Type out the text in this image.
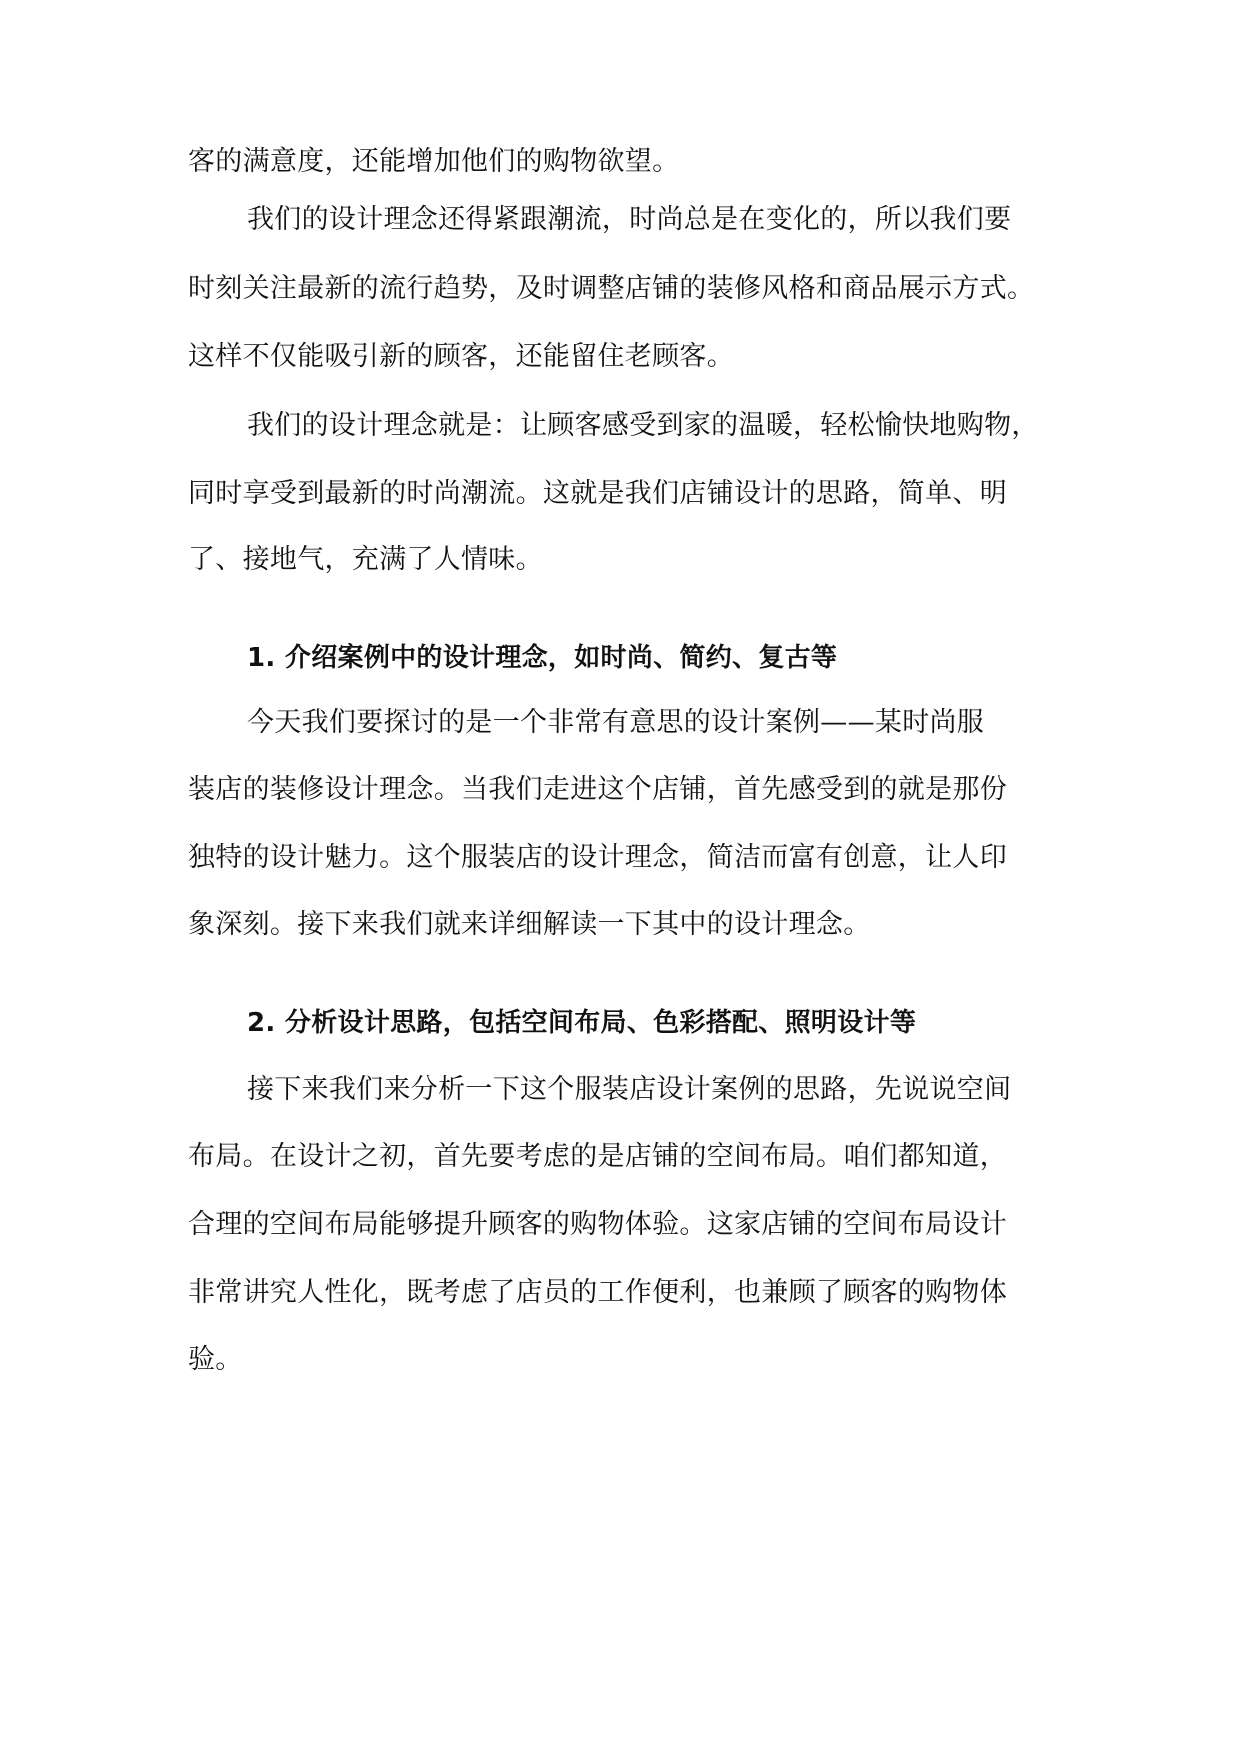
客的满意度，还能增加他们的购物欲望。
我们的设计理念还得紧跟潮流，时尚总是在变化的，所以我们要
时刻关注最新的流行趋势，及时调整店铺的装修风格和商品展示方式。
这样不仅能吸引新的顾客，还能留住老顾客。
我们的设计理念就是：让顾客感受到家的温暖，轻松愉快地购物，
同时享受到最新的时尚潮流。这就是我们店铺设计的思路，简单、明
了、接地气，充满了人情味。
1. 介绍案例中的设计理念，如时尚、简约、复古等
今天我们要探讨的是一个非常有意思的设计案例——某时尚服
装店的装修设计理念。当我们走进这个店铺，首先感受到的就是那份
独特的设计魅力。这个服装店的设计理念，简洁而富有创意，让人印
象深刻。接下来我们就来详细解读一下其中的设计理念。
2. 分析设计思路，包括空间布局、色彩搭配、照明设计等
接下来我们来分析一下这个服装店设计案例的思路，先说说空间
布局。在设计之初，首先要考虑的是店铺的空间布局。咱们都知道，
合理的空间布局能够提升顾客的购物体验。这家店铺的空间布局设计
非常讲究人性化，既考虑了店员的工作便利，也兼顾了顾客的购物体
验。
